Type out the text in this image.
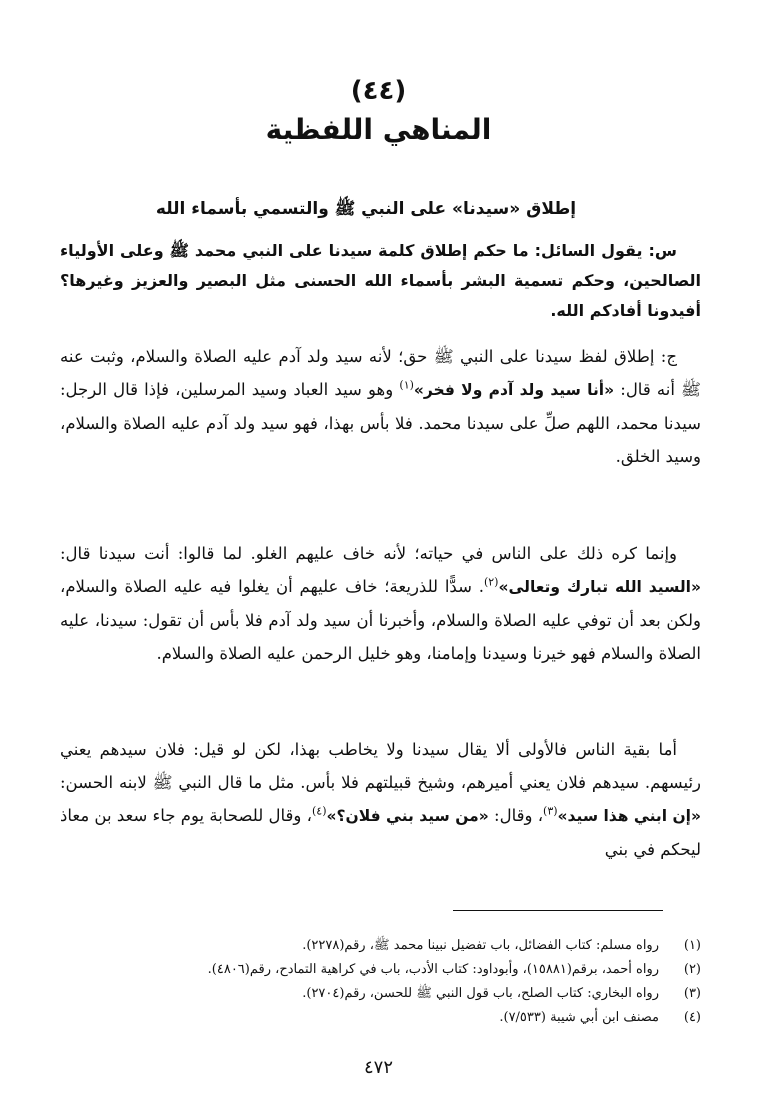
(٤٤)
المناهي اللفظية
إطلاق «سيدنا» على النبي ﷺ والتسمي بأسماء الله

س: يقول السائل: ما حكم إطلاق كلمة سيدنا على النبي محمد ﷺ وعلى الأولياء الصالحين، وحكم تسمية البشر بأسماء الله الحسنى مثل البصير والعزيز وغيرها؟ أفيدونا أفادكم الله.

ج: إطلاق لفظ سيدنا على النبي ﷺ حق؛ لأنه سيد ولد آدم عليه الصلاة والسلام، وثبت عنه ﷺ أنه قال: «أنا سيد ولد آدم ولا فخر»$^{(١)}$ وهو سيد العباد وسيد المرسلين، فإذا قال الرجل: سيدنا محمد، اللهم صلِّ على سيدنا محمد. فلا بأس بهذا، فهو سيد ولد آدم عليه الصلاة والسلام، وسيد الخلق.

وإنما كره ذلك على الناس في حياته؛ لأنه خاف عليهم الغلو. لما قالوا: أنت سيدنا قال: «السيد الله تبارك وتعالى»$^{(٢)}$. سدًّا للذريعة؛ خاف عليهم أن يغلوا فيه عليه الصلاة والسلام، ولكن بعد أن توفي عليه الصلاة والسلام، وأخبرنا أن سيد ولد آدم فلا بأس أن تقول: سيدنا، عليه الصلاة والسلام فهو خيرنا وسيدنا وإمامنا، وهو خليل الرحمن عليه الصلاة والسلام.

أما بقية الناس فالأولى ألا يقال سيدنا ولا يخاطب بهذا، لكن لو قيل: فلان سيدهم يعني رئيسهم. سيدهم فلان يعني أميرهم، وشيخ قبيلتهم فلا بأس. مثل ما قال النبي ﷺ لابنه الحسن: «إن ابني هذا سيد»$^{(٣)}$، وقال: «من سيد بني فلان؟»$^{(٤)}$، وقال للصحابة يوم جاء سعد بن معاذ ليحكم في بني

(١)
رواه مسلم: كتاب الفضائل، باب تفضيل نبينا محمد ﷺ، رقم(٢٢٧٨).
(٢)
رواه أحمد، برقم(١٥٨٨١)، وأبوداود: كتاب الأدب، باب في كراهية التمادح، رقم(٤٨٠٦).
(٣)
رواه البخاري: كتاب الصلح، باب قول النبي ﷺ للحسن، رقم(٢٧٠٤).
(٤)
مصنف ابن أبي شيبة (٧/٥٣٣).
٤٧٢
